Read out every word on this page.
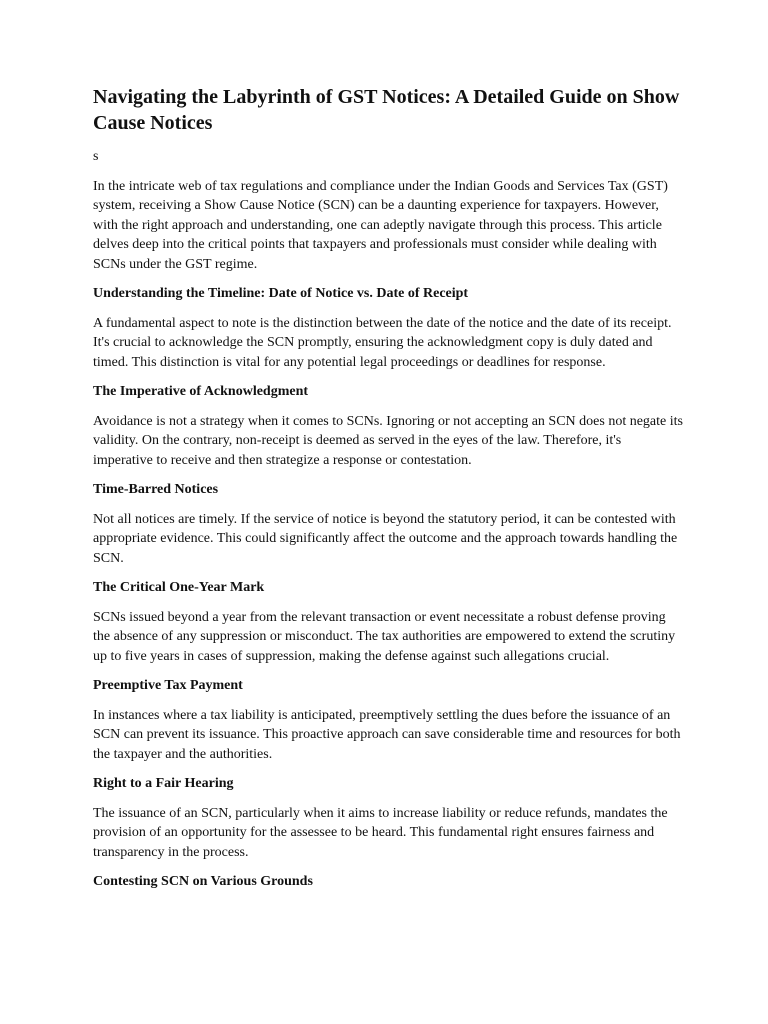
Navigating the Labyrinth of GST Notices: A Detailed Guide on Show Cause Notices

s

In the intricate web of tax regulations and compliance under the Indian Goods and Services Tax (GST) system, receiving a Show Cause Notice (SCN) can be a daunting experience for taxpayers. However, with the right approach and understanding, one can adeptly navigate through this process. This article delves deep into the critical points that taxpayers and professionals must consider while dealing with SCNs under the GST regime.

Understanding the Timeline: Date of Notice vs. Date of Receipt

A fundamental aspect to note is the distinction between the date of the notice and the date of its receipt. It's crucial to acknowledge the SCN promptly, ensuring the acknowledgment copy is duly dated and timed. This distinction is vital for any potential legal proceedings or deadlines for response.

The Imperative of Acknowledgment

Avoidance is not a strategy when it comes to SCNs. Ignoring or not accepting an SCN does not negate its validity. On the contrary, non-receipt is deemed as served in the eyes of the law. Therefore, it's imperative to receive and then strategize a response or contestation.

Time-Barred Notices

Not all notices are timely. If the service of notice is beyond the statutory period, it can be contested with appropriate evidence. This could significantly affect the outcome and the approach towards handling the SCN.

The Critical One-Year Mark

SCNs issued beyond a year from the relevant transaction or event necessitate a robust defense proving the absence of any suppression or misconduct. The tax authorities are empowered to extend the scrutiny up to five years in cases of suppression, making the defense against such allegations crucial.

Preemptive Tax Payment

In instances where a tax liability is anticipated, preemptively settling the dues before the issuance of an SCN can prevent its issuance. This proactive approach can save considerable time and resources for both the taxpayer and the authorities.

Right to a Fair Hearing

The issuance of an SCN, particularly when it aims to increase liability or reduce refunds, mandates the provision of an opportunity for the assessee to be heard. This fundamental right ensures fairness and transparency in the process.

Contesting SCN on Various Grounds
